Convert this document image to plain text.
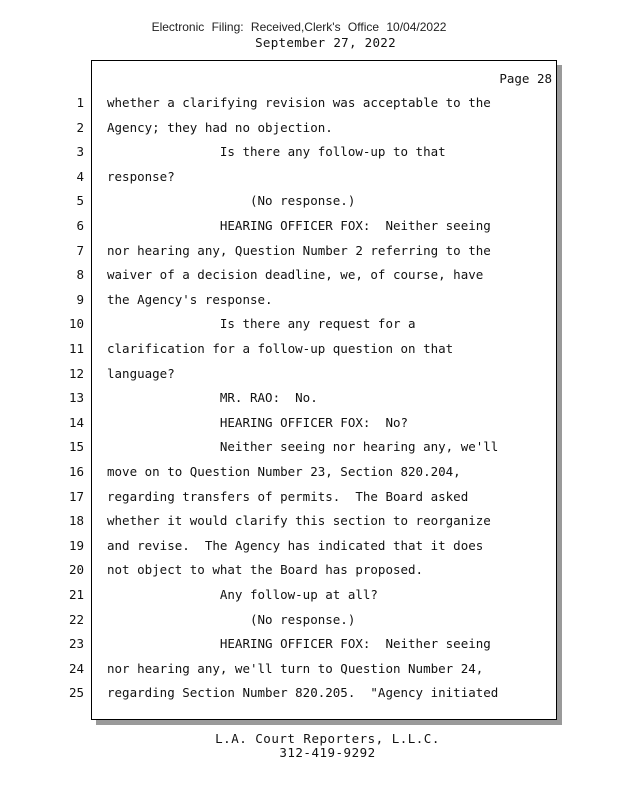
Electronic Filing: Received,Clerk's Office 10/04/2022
September 27, 2022
Page 28
1 whether a clarifying revision was acceptable to the
2 Agency; they had no objection.
3 Is there any follow-up to that
4 response?
5 (No response.)
6 HEARING OFFICER FOX:  Neither seeing
7 nor hearing any, Question Number 2 referring to the
8 waiver of a decision deadline, we, of course, have
9 the Agency's response.
10 Is there any request for a
11 clarification for a follow-up question on that
12 language?
13 MR. RAO:  No.
14 HEARING OFFICER FOX:  No?
15 Neither seeing nor hearing any, we'll
16 move on to Question Number 23, Section 820.204,
17 regarding transfers of permits.  The Board asked
18 whether it would clarify this section to reorganize
19 and revise.  The Agency has indicated that it does
20 not object to what the Board has proposed.
21 Any follow-up at all?
22 (No response.)
23 HEARING OFFICER FOX:  Neither seeing
24 nor hearing any, we'll turn to Question Number 24,
25 regarding Section Number 820.205.  "Agency initiated
L.A. Court Reporters, L.L.C.
312-419-9292
